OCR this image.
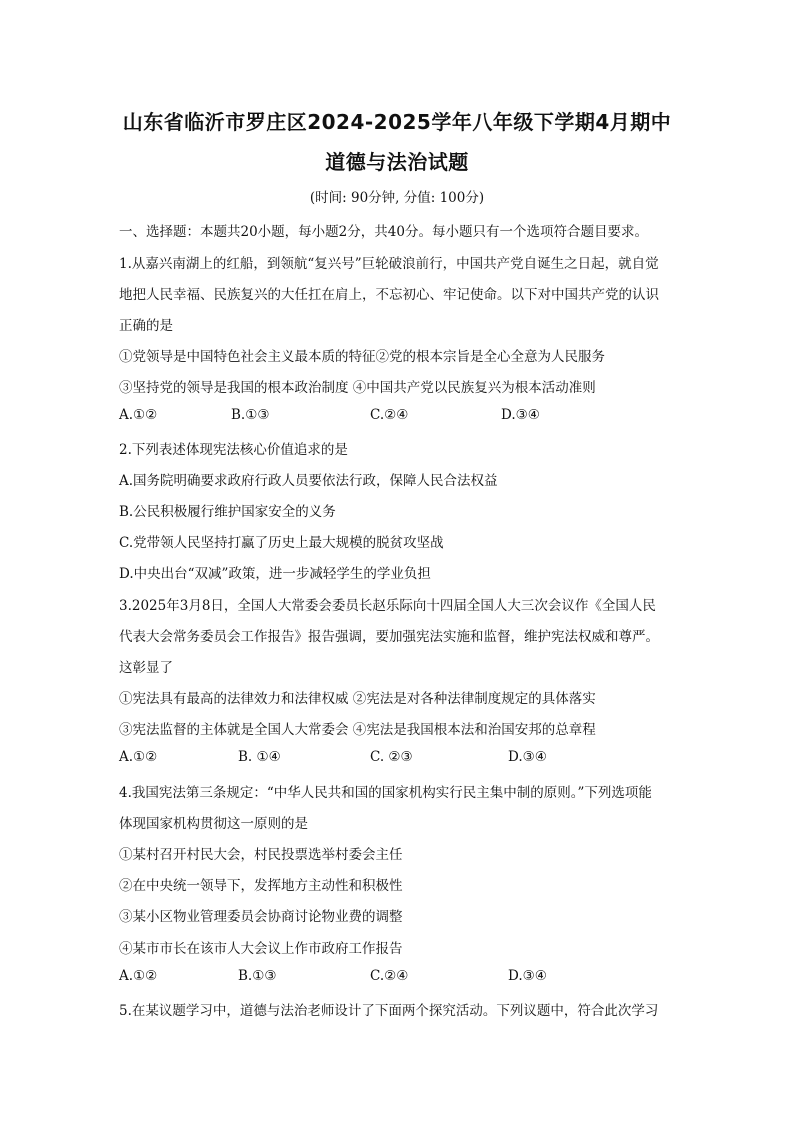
山东省临沂市罗庄区2024-2025学年八年级下学期4月期中
道德与法治试题
(时间: 90分钟, 分值: 100分)
一、选择题：本题共20小题，每小题2分，共40分。每小题只有一个选项符合题目要求。
1.从嘉兴南湖上的红船，到领航“复兴号”巨轮破浪前行，中国共产党自诞生之日起，就自觉
地把人民幸福、民族复兴的大任扛在肩上，不忘初心、牢记使命。以下对中国共产党的认识
正确的是
①党领导是中国特色社会主义最本质的特征②党的根本宗旨是全心全意为人民服务
③坚持党的领导是我国的根本政治制度 ④中国共产党以民族复兴为根本活动准则
A.①②	B.①③	C.②④	D.③④
2.下列表述体现宪法核心价值追求的是
A.国务院明确要求政府行政人员要依法行政，保障人民合法权益
B.公民积极履行维护国家安全的义务
C.党带领人民坚持打赢了历史上最大规模的脱贫攻坚战
D.中央出台“双减”政策，进一步减轻学生的学业负担
3.2025年3月8日，全国人大常委会委员长赵乐际向十四届全国人大三次会议作《全国人民
代表大会常务委员会工作报告》报告强调，要加强宪法实施和监督，维护宪法权威和尊严。
这彰显了
①宪法具有最高的法律效力和法律权威 ②宪法是对各种法律制度规定的具体落实
③宪法监督的主体就是全国人大常委会 ④宪法是我国根本法和治国安邦的总章程
A.①②	B. ①④	C. ②③	D.③④
4.我国宪法第三条规定：“中华人民共和国的国家机构实行民主集中制的原则。”下列选项能
体现国家机构贯彻这一原则的是
①某村召开村民大会，村民投票选举村委会主任
②在中央统一领导下，发挥地方主动性和积极性
③某小区物业管理委员会协商讨论物业费的调整
④某市市长在该市人大会议上作市政府工作报告
A.①②	B.①③	C.②④	D.③④
5.在某议题学习中，道德与法治老师设计了下面两个探究活动。下列议题中，符合此次学习
